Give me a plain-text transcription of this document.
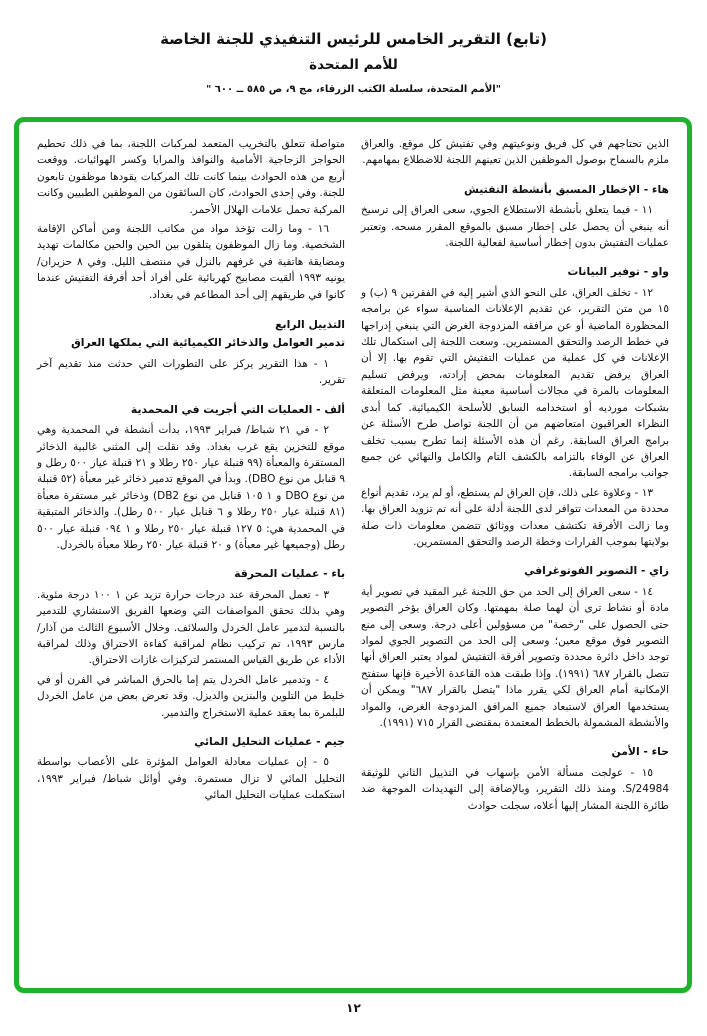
(تابع) التقرير الخامس للرئيس التنفيذي للجنة الخاصة
للأمم المتحدة
"الأمم المتحدة، سلسلة الكتب الزرقاء، مج ٩، ص ٥٨٥ ــ ٦٠٠ "

الذين تحتاجهم في كل فريق ونوعيتهم وفي تفتيش كل موقع. والعراق ملزم بالسماح بوصول الموظفين الذين تعينهم اللجنة للاضطلاع بمهامهم.

هاء - الإخطار المسبق بأنشطة التفتيش

١١ - فيما يتعلق بأنشطة الاستطلاع الجوي، سعى العراق إلى ترسيخ أنه ينبغي أن يحصل على إخطار مسبق بالموقع المقرر مسحه. وتعتبر عمليات التفتيش بدون إخطار أساسية لفعالية اللجنة.

واو - توفير البيانات

١٢ - تخلف العراق، على النحو الذي أشير إليه في الفقرتين ٩ (ب) و ١٥ من متن التقرير، عن تقديم الإعلانات المناسبة سواء عن برامجه المحظورة الماضية أو عن مرافقه المزدوجة الغرض التي ينبغي إدراجها في خطط الرصد والتحقق المستمرين. وسعت اللجنة إلى استكمال تلك الإعلانات في كل عملية من عمليات التفتيش التي تقوم بها. إلا أن العراق يرفض تقديم المعلومات بمحض إرادته، ويرفض تسليم المعلومات بالمرة في مجالات أساسية معينة مثل المعلومات المتعلقة بشبكات مورديه أو استخدامه السابق للأسلحة الكيميائية. كما أبدى النظراء العراقيون امتعاضهم من أن اللجنة تواصل طرح الأسئلة عن برامج العراق السابقة. رغم أن هذه الأسئلة إنما تطرح بسبب تخلف العراق عن الوفاء بالتزامه بالكشف التام والكامل والنهائي عن جميع جوانب برامجه السابقة.

١٣ - وعلاوة على ذلك، فإن العراق لم يستطع، أو لم يرد، تقديم أنواع محددة من المعدات تتوافر لدى اللجنة أدلة على أنه تم تزويد العراق بها. وما زالت الأفرقة تكتشف معدات ووثائق تتضمن معلومات ذات صلة بولايتها بموجب القرارات وخطة الرصد والتحقق المستمرين.

زاي - التصوير الفوتوغرافي

١٤ - سعى العراق إلى الحد من حق اللجنة غير المقيد في تصوير أية مادة أو نشاط ترى أن لهما صلة بمهمتها. وكان العراق يؤخر التصوير حتى الحصول على "رخصة" من مسؤولين أعلى درجة. وسعى إلى منع التصوير فوق موقع معين؛ وسعى إلى الحد من التصوير الجوي لمواد توجد داخل دائرة محددة وتصوير أفرقة التفتيش لمواد يعتبر العراق أنها تتصل بالقرار ٦٨٧ (١٩٩١). وإذا طبقت هذه القاعدة الأخيرة فإنها ستفتح الإمكانية أمام العراق لكي يقرر ماذا "يتصل بالقرار ٦٨٧" ويمكن أن يستخدمها العراق لاستبعاد جميع المرافق المزدوجة الغرض، والمواد والأنشطة المشمولة بالخطط المعتمدة بمقتضى القرار ٧١٥ (١٩٩١).

حاء - الأمن

١٥ - عولجت مسألة الأمن بإسهاب في التذييل الثاني للوثيقة S/24984. ومنذ ذلك التقرير، وبالإضافة إلى التهديدات الموجهة ضد طائرة اللجنة المشار إليها أعلاه، سجلت حوادث

متواصلة تتعلق بالتخريب المتعمد لمركبات اللجنة، بما في ذلك تحطيم الحواجز الزجاجية الأمامية والنوافذ والمرايا وكسر الهوائيات. ووقعت أربع من هذه الحوادث بينما كانت تلك المركبات يقودها موظفون تابعون للجنة. وفي إحدى الحوادث، كان السائقون من الموظفين الطبيين وكانت المركبة تحمل علامات الهلال الأحمر.

١٦ - وما زالت تؤخذ مواد من مكاتب اللجنة ومن أماكن الإقامة الشخصية. وما زال الموظفون يتلقون بين الحين والحين مكالمات تهديد ومضايقة هاتفية في غرفهم بالنزل في منتصف الليل. وفي ٨ حزيران/ يونيه ١٩٩٣ ألقيت مصابيح كهربائية على أفراد أحد أفرقة التفتيش عندما كانوا في طريقهم إلى أحد المطاعم في بغداد.

التذييل الرابع
تدمير العوامل والذخائر الكيميائية التي يملكها العراق

١ - هذا التقرير يركز على التطورات التي حدثت منذ تقديم آخر تقرير.

ألف - العمليات التي أجريت في المحمدية

٢ - في ٢١ شباط/ فبراير ١٩٩٣، بدأت أنشطة في المحمدية وهي موقع للتخزين يقع غرب بغداد. وقد نقلت إلى المثنى غالبية الذخائر المستقرة والمعبأة (٩٩ قنبلة عيار ٢٥٠ رطلا و ٢١ قنبلة عيار ٥٠٠ رطل و ٩ قنابل من نوع DBO). وبدأ في الموقع تدمير ذخائر غير معبأة (٥٢ قنبلة من نوع DBO و ١ ١٠٥ قنابل من نوع DB2) وذخائر غير مستقرة معبأة (٨١ قنبلة عيار ٢٥٠ رطلا و ٦ قنابل عيار ٥٠٠ رطل). والذخائر المتبقية في المحمدية هي: ٥ ١٢٧ قنبلة عيار ٢٥٠ رطلا و ١ ٠٩٤ قنبلة عيار ٥٠٠ رطل (وجميعها غير معبأة) و ٢٠ قنبلة عيار ٢٥٠ رطلا معبأة بالخردل.

باء - عمليات المحرقة

٣ - تعمل المحرقة عند درجات حرارة تزيد عن ١ ١٠٠ درجة مئوية. وهي بذلك تحقق المواصفات التي وضعها الفريق الاستشاري للتدمير بالنسبة لتدمير عامل الخردل والسلائف. وخلال الأسبوع الثالث من آذار/ مارس ١٩٩٣، تم تركيب نظام لمراقبة كفاءة الاحتراق وذلك لمراقبة الأداء عن طريق القياس المستمر لتركيزات غازات الاحتراق.

٤ - وتدمير عامل الخردل يتم إما بالحرق المباشر في الفرن أو في خليط من التلوين والبنزين والديزل. وقد تعرض بعض من عامل الخردل للبلمرة بما يعقد عملية الاستخراج والتدمير.

جيم - عمليات التحليل المائي

٥ - إن عمليات معادلة العوامل المؤثرة على الأعصاب بواسطة التحليل المائي لا تزال مستمرة. وفي أوائل شباط/ فبراير ١٩٩٣، استكملت عمليات التحليل المائي

١٢
